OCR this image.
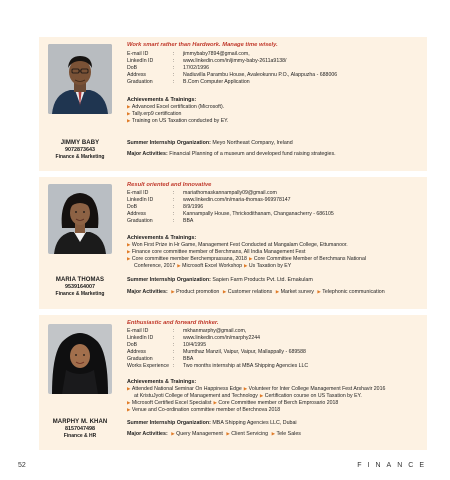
JIMMY BABY
9072873643
Finance & Marketing
Work smart rather than Hardwork. Manage time wisely.
E-mail ID	:	jimmybaby7894@gmail.com,
LinkedIn ID	:	www.linkedin.com/in/jimmy-baby-2611a9138/
DoB	:	17/02/1996
Address	:	Nadiuvilla Parambu House, Avaleokunnu P.O., Alappuzha - 688006
Graduation	:	B.Com Computer Application
Achievements & Trainings:
▶ Advanced Excel certification (Microsoft).
▶ Tally.erp9 certification
▶ Training on US Taxation conducted by EY.
Summer Internship Organization: Meyo Northeast Company, Ireland
Major Activities: Financial Planning of a museum and developed fund raising strategies.
MARIA THOMAS
9539164007
Finance & Marketing
Result oriented and Innovative
E-mail ID	:	mariathomaskannampally09@gmail.com
LinkedIn ID	:	www.linkedin.com/in/maria-thomas-969978147
DoB	:	8/9/1996
Address	:	Kannampally House, Thrickodithanam, Changanacherry - 686105
Graduation	:	BBA
Achievements & Trainings:
▶ Won First Prize in Hr Game, Management Fest Conducted at Mangalam College, Ettumanoor.
▶ Finance core committee member of Berchmans, All India Management Fest
▶ Core committee member Berchemprassana, 2018 ▶ Core Committee Member of Berchmans National
Conference, 2017 ▶ Microsoft Excel Workshop ▶ Us Taxation by EY
Summer Internship Organization: Sapien Farm Products Pvt. Ltd. Ernakulam
Major Activities: ▶ Product promotion ▶ Customer relations ▶ Market survey ▶ Telephonic communication
MARPHY M. KHAN
8157047498
Finance & HR
Enthusiastic and forward thinker.
E-mail ID	:	mkhanmarphy@gmail.com,
LinkedIn ID	:	www.linkedin.com/in/marphy2244
DoB	:	10/4/1995
Address	:	Mumthaz Manzil, Vaipur, Vaipur, Mallappally - 689588
Graduation	:	BBA
Works Experience :	Two months internship at MBA Shipping Agencies LLC
Achievements & Trainings:
▶ Attended National Seminar On Happiness Edge ▶ Volunteer for Inter College Management Fest Arshavir 2016
at KristuJyoti College of Management and Technology ▶ Certification course on US Taxation by EY.
▶ Microsoft Certified Excel Specialist ▶ Core Committee member of Berch Emprosario 2018
▶ Venue and Co-ordination committee member of Berchnova 2018
Summer Internship Organization: MBA Shipping Agencies LLC, Dubai
Major Activities: ▶ Query Management ▶ Client Servicing ▶ Tele Sales
52	FINANCE
